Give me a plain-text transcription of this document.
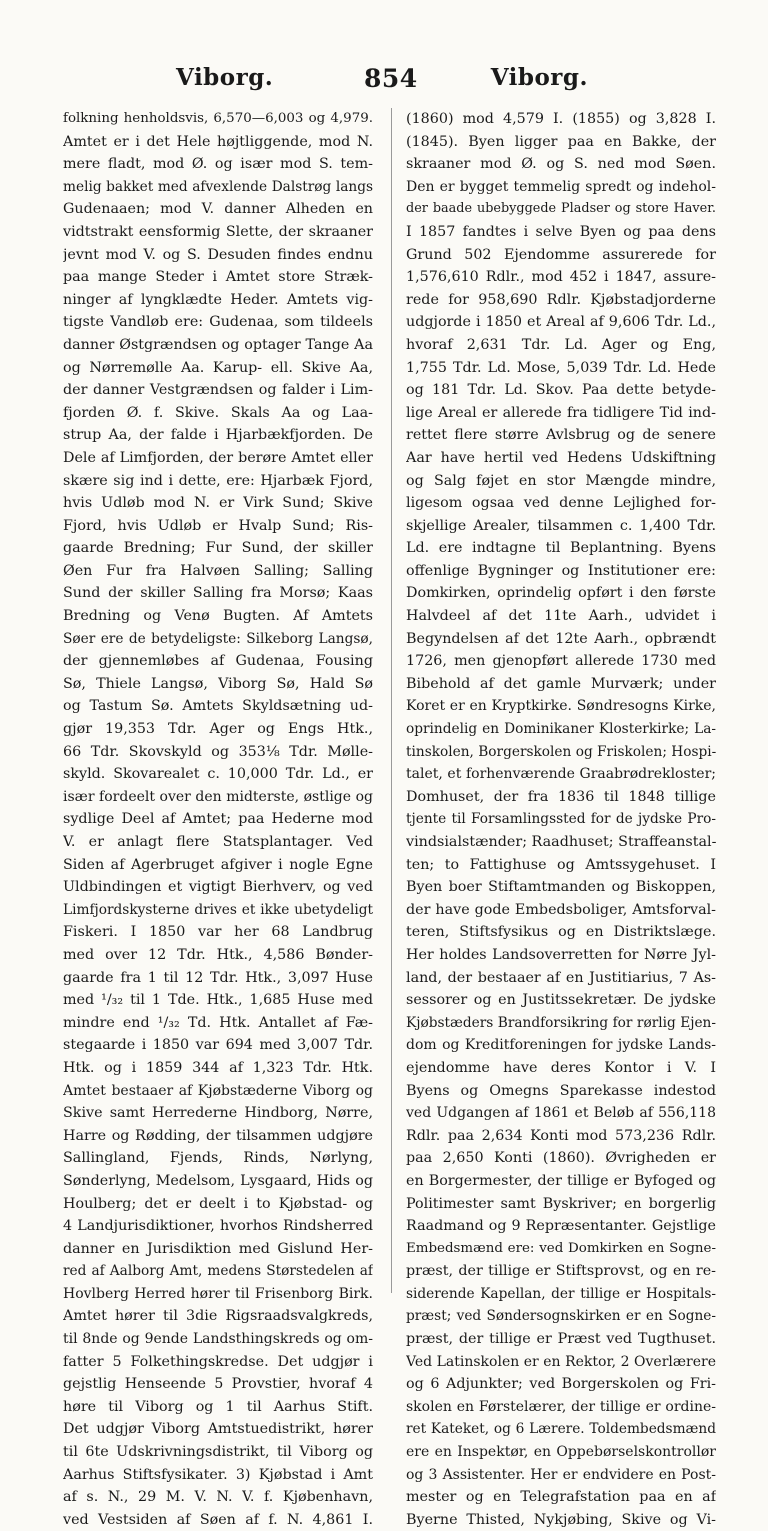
Viborg.	854	Viborg.
folkning henholdsvis, 6,570—6,003 og 4,979.
Amtet er i det Hele højtliggende, mod N.
mere fladt, mod Ø. og især mod S. tem-
melig bakket med afvexlende Dalstrøg langs
Gudenaaen; mod V. danner Alheden en
vidtstrakt eensformig Slette, der skraaner
jevnt mod V. og S. Desuden findes endnu
paa mange Steder i Amtet store Stræk-
ninger af lyngklædte Heder. Amtets vig-
tigste Vandløb ere: Gudenaa, som tildeels
danner Østgrændsen og optager Tange Aa
og Nørremølle Aa. Karup- ell. Skive Aa,
der danner Vestgrændsen og falder i Lim-
fjorden Ø. f. Skive. Skals Aa og Laa-
strup Aa, der falde i Hjarbækfjorden. De
Dele af Limfjorden, der berøre Amtet eller
skære sig ind i dette, ere: Hjarbæk Fjord,
hvis Udløb mod N. er Virk Sund; Skive
Fjord, hvis Udløb er Hvalp Sund; Ris-
gaarde Bredning; Fur Sund, der skiller
Øen Fur fra Halvøen Salling; Salling
Sund der skiller Salling fra Morsø; Kaas
Bredning og Venø Bugten. Af Amtets
Søer ere de betydeligste: Silkeborg Langsø,
der gjennemløbes af Gudenaa, Fousing
Sø, Thiele Langsø, Viborg Sø, Hald Sø
og Tastum Sø. Amtets Skyldsætning ud-
gjør 19,353 Tdr. Ager og Engs Htk.,
66 Tdr. Skovskyld og 353⅛ Tdr. Mølle-
skyld. Skovarealet c. 10,000 Tdr. Ld., er
især fordeelt over den midterste, østlige og
sydlige Deel af Amtet; paa Hederne mod
V. er anlagt flere Statsplantager. Ved
Siden af Agerbruget afgiver i nogle Egne
Uldbindingen et vigtigt Bierhverv, og ved
Limfjordskysterne drives et ikke ubetydeligt
Fiskeri. I 1850 var her 68 Landbrug
med over 12 Tdr. Htk., 4,586 Bønder-
gaarde fra 1 til 12 Tdr. Htk., 3,097 Huse
med ¹/₃₂ til 1 Tde. Htk., 1,685 Huse med
mindre end ¹/₃₂ Td. Htk. Antallet af Fæ-
stegaarde i 1850 var 694 med 3,007 Tdr.
Htk. og i 1859 344 af 1,323 Tdr. Htk.
Amtet bestaaer af Kjøbstæderne Viborg og
Skive samt Herrederne Hindborg, Nørre,
Harre og Rødding, der tilsammen udgjøre
Sallingland, Fjends, Rinds, Nørlyng,
Sønderlyng, Medelsom, Lysgaard, Hids og
Houlberg; det er deelt i to Kjøbstad- og
4 Landjurisdiktioner, hvorhos Rindsherred
danner en Jurisdiktion med Gislund Her-
red af Aalborg Amt, medens Størstedelen af
Hovlberg Herred hører til Frisenborg Birk.
Amtet hører til 3die Rigsraadsvalgkreds,
til 8nde og 9ende Landsthingskreds og om-
fatter 5 Folkethingskredse. Det udgjør i
gejstlig Henseende 5 Provstier, hvoraf 4
høre til Viborg og 1 til Aarhus Stift.
Det udgjør Viborg Amtstuedistrikt, hører
til 6te Udskrivningsdistrikt, til Viborg og
Aarhus Stiftsfysikater. 3) Kjøbstad i Amt
af s. N., 29 M. V. N. V. f. Kjøbenhavn,
ved Vestsiden af Søen af f. N. 4,861 I.
(1860) mod 4,579 I. (1855) og 3,828 I.
(1845). Byen ligger paa en Bakke, der
skraaner mod Ø. og S. ned mod Søen.
Den er bygget temmelig spredt og indehol-
der baade ubebyggede Pladser og store Haver.
I 1857 fandtes i selve Byen og paa dens
Grund 502 Ejendomme assurerede for
1,576,610 Rdlr., mod 452 i 1847, assure-
rede for 958,690 Rdlr. Kjøbstadjorderne
udgjorde i 1850 et Areal af 9,606 Tdr. Ld.,
hvoraf 2,631 Tdr. Ld. Ager og Eng,
1,755 Tdr. Ld. Mose, 5,039 Tdr. Ld. Hede
og 181 Tdr. Ld. Skov. Paa dette betyde-
lige Areal er allerede fra tidligere Tid ind-
rettet flere større Avlsbrug og de senere
Aar have hertil ved Hedens Udskiftning
og Salg føjet en stor Mængde mindre,
ligesom ogsaa ved denne Lejlighed for-
skjellige Arealer, tilsammen c. 1,400 Tdr.
Ld. ere indtagne til Beplantning. Byens
offenlige Bygninger og Institutioner ere:
Domkirken, oprindelig opført i den første
Halvdeel af det 11te Aarh., udvidet i
Begyndelsen af det 12te Aarh., opbrændt
1726, men gjenopført allerede 1730 med
Bibehold af det gamle Murværk; under
Koret er en Kryptkirke. Søndresogns Kirke,
oprindelig en Dominikaner Klosterkirke; La-
tinskolen, Borgerskolen og Friskolen; Hospi-
talet, et forhenværende Graabrødrekloster;
Domhuset, der fra 1836 til 1848 tillige
tjente til Forsamlingssted for de jydske Pro-
vindsialstænder; Raadhuset; Straffeanstal-
ten; to Fattighuse og Amtssygehuset. I
Byen boer Stiftamtmanden og Biskoppen,
der have gode Embedsboliger, Amtsforval-
teren, Stiftsfysikus og en Distriktslæge.
Her holdes Landsoverretten for Nørre Jyl-
land, der bestaaer af en Justitiarius, 7 As-
sessorer og en Justitssekretær. De jydske
Kjøbstæders Brandforsikring for rørlig Ejen-
dom og Kreditforeningen for jydske Lands-
ejendomme have deres Kontor i V. I
Byens og Omegns Sparekasse indestod
ved Udgangen af 1861 et Beløb af 556,118
Rdlr. paa 2,634 Konti mod 573,236 Rdlr.
paa 2,650 Konti (1860). Øvrigheden er
en Borgermester, der tillige er Byfoged og
Politimester samt Byskriver; en borgerlig
Raadmand og 9 Repræsentanter. Gejstlige
Embedsmænd ere: ved Domkirken en Sogne-
præst, der tillige er Stiftsprovst, og en re-
siderende Kapellan, der tillige er Hospitals-
præst; ved Søndersognskirken er en Sogne-
præst, der tillige er Præst ved Tugthuset.
Ved Latinskolen er en Rektor, 2 Overlærere
og 6 Adjunkter; ved Borgerskolen og Fri-
skolen en Førstelærer, der tillige er ordine-
ret Kateket, og 6 Lærere. Toldembedsmænd
ere en Inspektør, en Oppebørselskontrollør
og 3 Assistenter. Her er endvidere en Post-
mester og en Telegrafstation paa en af
Byerne Thisted, Nykjøbing, Skive og Vi-
